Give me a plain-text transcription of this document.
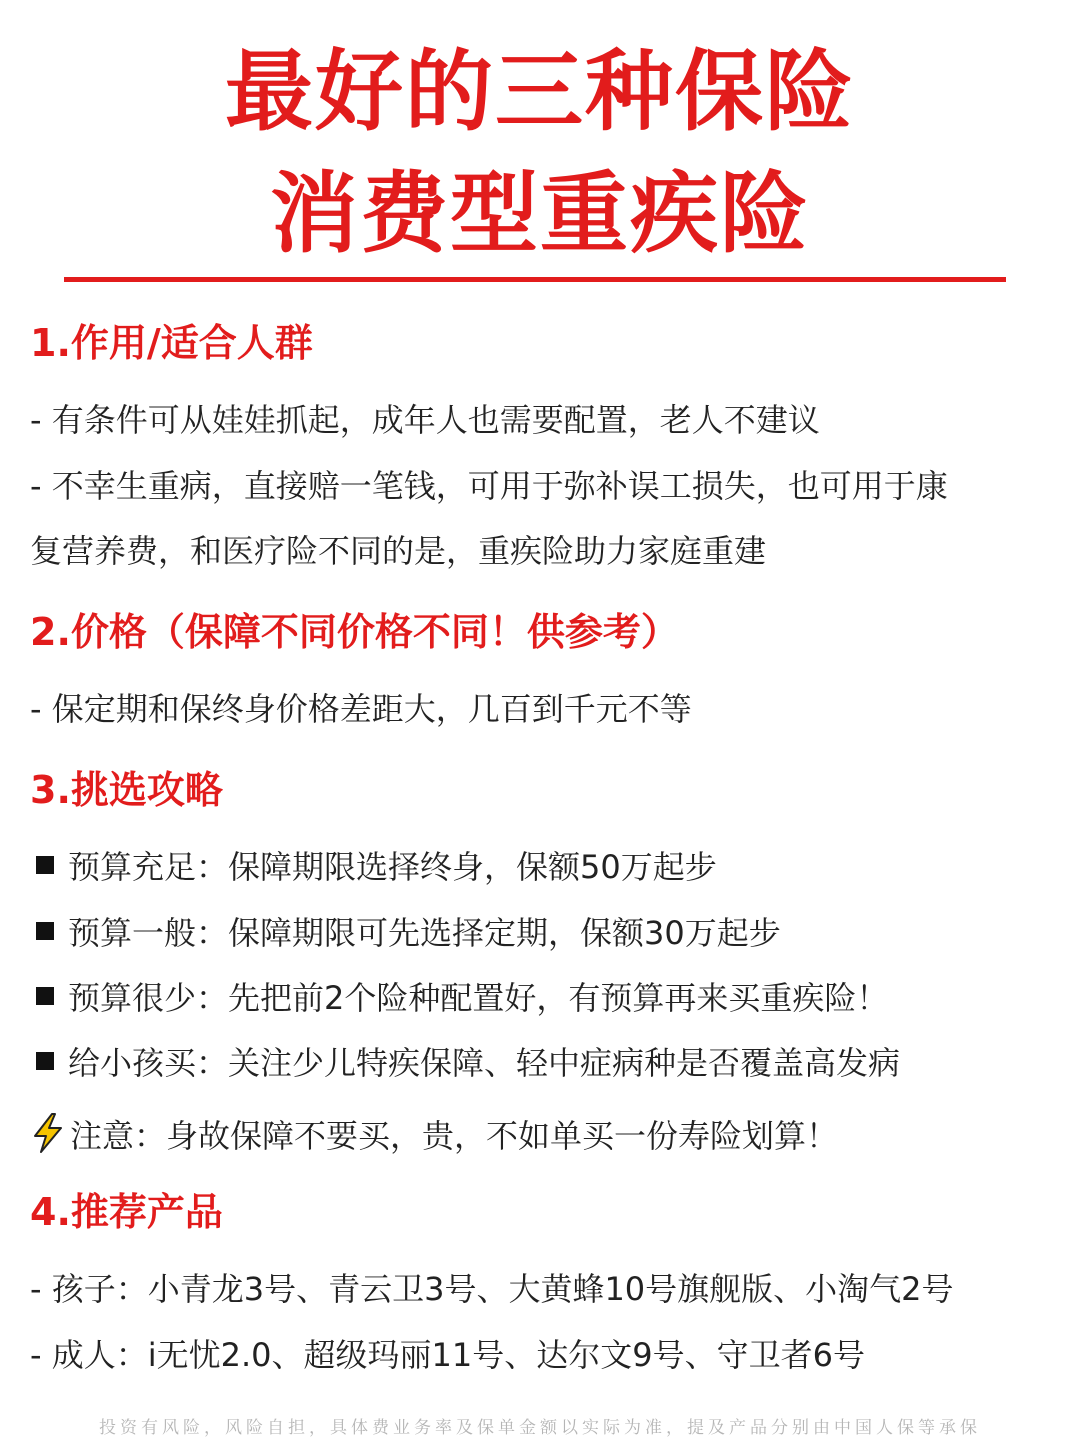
最好的三种保险
消费型重疾险
1.作用/适合人群
- 有条件可从娃娃抓起，成年人也需要配置，老人不建议
- 不幸生重病，直接赔一笔钱，可用于弥补误工损失，也可用于康
复营养费，和医疗险不同的是，重疾险助力家庭重建
2.价格（保障不同价格不同！供参考）
- 保定期和保终身价格差距大，几百到千元不等
3.挑选攻略
预算充足：保障期限选择终身，保额50万起步
预算一般：保障期限可先选择定期，保额30万起步
预算很少：先把前2个险种配置好，有预算再来买重疾险！
给小孩买：关注少儿特疾保障、轻中症病种是否覆盖高发病
注意：身故保障不要买，贵，不如单买一份寿险划算！
4.推荐产品
- 孩子：小青龙3号、青云卫3号、大黄蜂10号旗舰版、小淘气2号
- 成人：i无忧2.0、超级玛丽11号、达尔文9号、守卫者6号
投资有风险，风险自担，具体费业务率及保单金额以实际为准，提及产品分别由中国人保等承保
